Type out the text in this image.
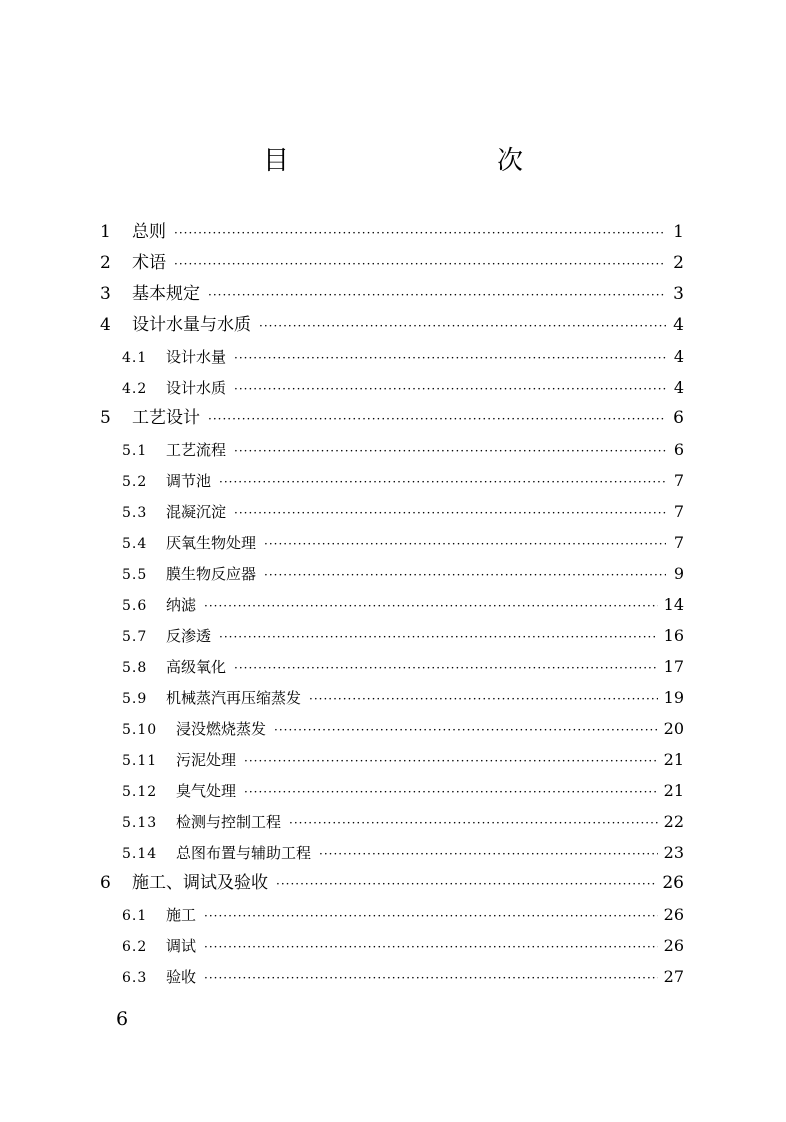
目　　次
1	总则 ·····	1
2	术语 ·····	2
3	基本规定 ·····	3
4	设计水量与水质 ·····	4
4.1	设计水量 ·····	4
4.2	设计水质 ·····	4
5	工艺设计 ·····	6
5.1	工艺流程 ·····	6
5.2	调节池 ·····	7
5.3	混凝沉淀 ·····	7
5.4	厌氧生物处理 ·····	7
5.5	膜生物反应器 ·····	9
5.6	纳滤 ·····	14
5.7	反渗透 ·····	16
5.8	高级氧化 ·····	17
5.9	机械蒸汽再压缩蒸发 ·····	19
5.10	浸没燃烧蒸发 ·····	20
5.11	污泥处理 ·····	21
5.12	臭气处理 ·····	21
5.13	检测与控制工程 ·····	22
5.14	总图布置与辅助工程 ·····	23
6	施工、调试及验收 ·····	26
6.1	施工 ·····	26
6.2	调试 ·····	26
6.3	验收 ·····	27
6
